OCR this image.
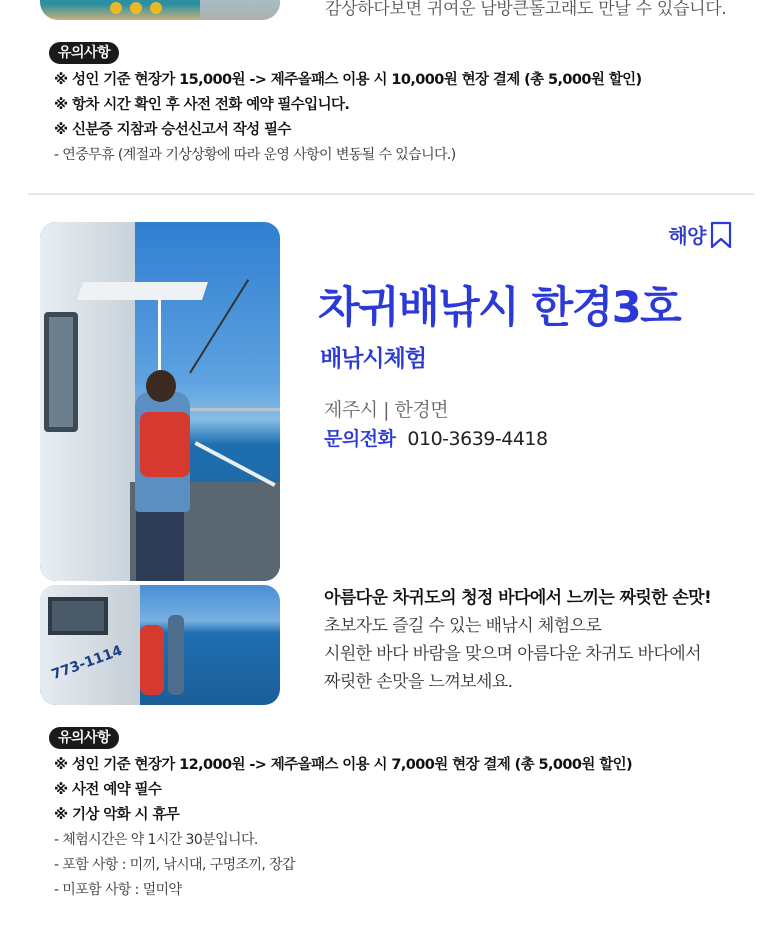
감상하다보면 귀여운 남방큰돌고래도 만날 수 있습니다.
유의사항
※ 성인 기준 현장가 15,000원 -> 제주올패스 이용 시 10,000원 현장 결제 (총 5,000원 할인)
※ 항차 시간 확인 후 사전 전화 예약 필수입니다.
※ 신분증 지참과 승선신고서 작성 필수
- 연중무휴 (계절과 기상상황에 따라 운영 사항이 변동될 수 있습니다.)
773-1114
해양
차귀배낚시 한경3호
배낚시체험
제주시 | 한경면
문의전화 010-3639-4418
아름다운 차귀도의 청정 바다에서 느끼는 짜릿한 손맛!
초보자도 즐길 수 있는 배낚시 체험으로
시원한 바다 바람을 맞으며 아름다운 차귀도 바다에서
짜릿한 손맛을 느껴보세요.
유의사항
※ 성인 기준 현장가 12,000원 -> 제주올패스 이용 시 7,000원 현장 결제 (총 5,000원 할인)
※ 사전 예약 필수
※ 기상 악화 시 휴무
- 체험시간은 약 1시간 30분입니다.
- 포함 사항 : 미끼, 낚시대, 구명조끼, 장갑
- 미포함 사항 : 멀미약
